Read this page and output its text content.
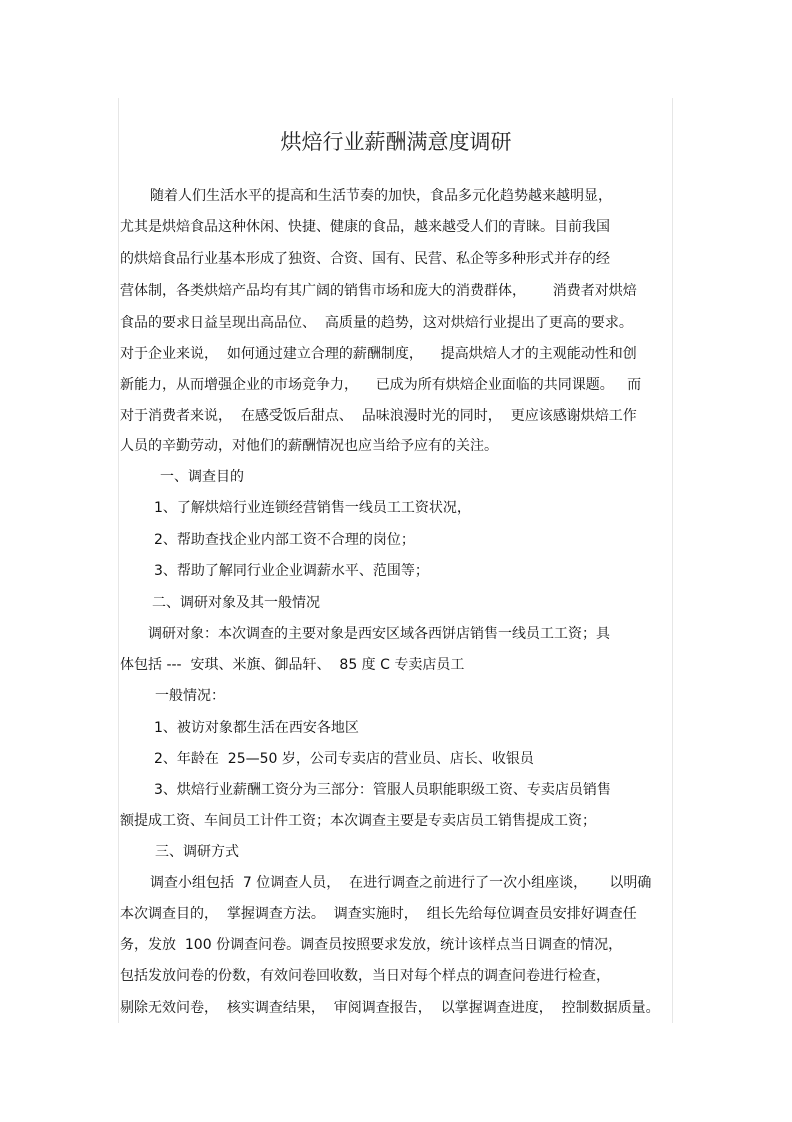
烘焙行业薪酬满意度调研
随着人们生活水平的提高和生活节奏的加快，食品多元化趋势越来越明显，
尤其是烘焙食品这种休闲、快捷、健康的食品，越来越受人们的青睐。目前我国
的烘焙食品行业基本形成了独资、合资、国有、民营、私企等多种形式并存的经
营体制，各类烘焙产品均有其广阔的销售市场和庞大的消费群体，      消费者对烘焙
食品的要求日益呈现出高品位、  高质量的趋势，这对烘焙行业提出了更高的要求。
对于企业来说，  如何通过建立合理的薪酬制度，    提高烘焙人才的主观能动性和创
新能力，从而增强企业的市场竞争力，    已成为所有烘焙企业面临的共同课题。   而
对于消费者来说，  在感受饭后甜点、  品味浪漫时光的同时，  更应该感谢烘焙工作
人员的辛勤劳动，对他们的薪酬情况也应当给予应有的关注。
一、调查目的
1、了解烘焙行业连锁经营销售一线员工工资状况，
2、帮助查找企业内部工资不合理的岗位；
3、帮助了解同行业企业调薪水平、范围等；
二、调研对象及其一般情况
调研对象：本次调查的主要对象是西安区域各西饼店销售一线员工工资；具
体包括 ---  安琪、米旗、御品轩、  85 度 C 专卖店员工
一般情况：
1、被访对象都生活在西安各地区
2、年龄在  25—50 岁，公司专卖店的营业员、店长、收银员
3、烘焙行业薪酬工资分为三部分：管服人员职能职级工资、专卖店员销售
额提成工资、车间员工计件工资；本次调查主要是专卖店员工销售提成工资；
三、调研方式
调查小组包括  7 位调查人员，  在进行调查之前进行了一次小组座谈，     以明确
本次调查目的，  掌握调查方法。  调查实施时，  组长先给每位调查员安排好调查任
务，发放  100 份调查问卷。调查员按照要求发放，统计该样点当日调查的情况，
包括发放问卷的份数，有效问卷回收数，当日对每个样点的调查问卷进行检查，
剔除无效问卷，  核实调查结果，  审阅调查报告，  以掌握调查进度，  控制数据质量。
